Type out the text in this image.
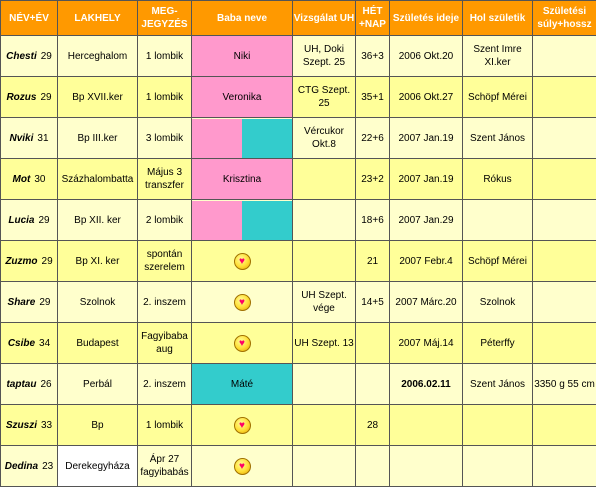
NÉV+ÉV	LAKHELY	MEG-JEGYZÉS	Baba neve	Vizsgálat UH	HÉT +NAP	Születés ideje	Hol születik	Születési súly+hossz
Chesti 29	Herceghalom	1 lombik	Niki	UH, Doki Szept. 25	36+3	2006 Okt.20	Szent Imre XI.ker	
Rozus 29	Bp XVII.ker	1 lombik	Veronika	CTG Szept. 25	35+1	2006 Okt.27	Schöpf Mérei	
Nviki 31	Bp III.ker	3 lombik		Vércukor Okt.8	22+6	2007 Jan.19	Szent János	
Mot 30	Százhalombatta	Május 3 transzfer	Krisztina		23+2	2007 Jan.19	Rókus	
Lucia 29	Bp XII. ker	2 lombik			18+6	2007 Jan.29		
Zuzmo 29	Bp XI. ker	spontán szerelem	♥		21	2007 Febr.4	Schöpf Mérei	
Share 29	Szolnok	2. inszem	♥	UH Szept. vége	14+5	2007 Márc.20	Szolnok	
Csibe 34	Budapest	Fagyibaba aug	♥	UH Szept. 13		2007 Máj.14	Péterffy	
taptau 26	Perbál	2. inszem	Máté			2006.02.11	Szent János	3350 g 55 cm
Szuszi 33	Bp	1 lombik	♥		28			
Dedina 23	Derekegyháza	Ápr 27 fagyibabás	♥					
